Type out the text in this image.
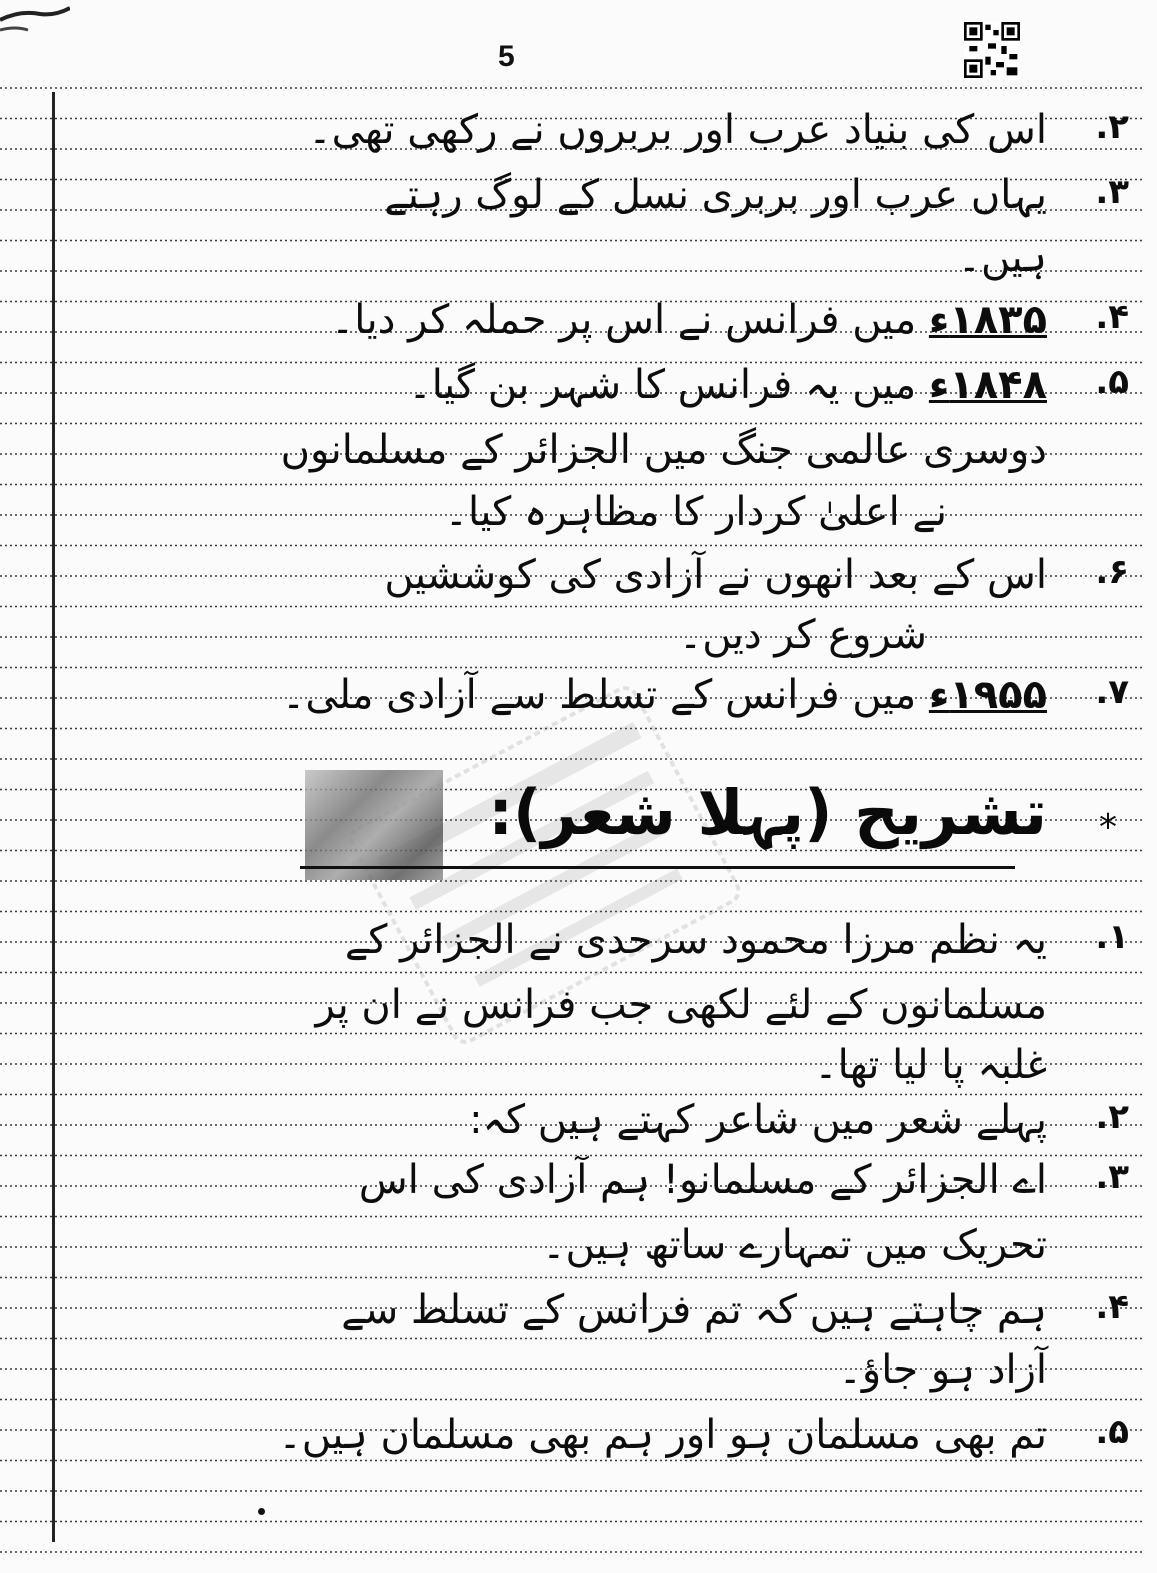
5
۲.
اس کی بنیاد عرب اور بربروں نے رکھی تھی۔
۳.
یہاں عرب اور بربری نسل کے لوگ رہتے
ہیں۔
۴.
۱۸۳۵ء میں فرانس نے اس پر حملہ کر دیا۔
۵.
۱۸۴۸ء میں یہ فرانس کا شہر بن گیا۔
دوسری عالمی جنگ میں الجزائر کے مسلمانوں
نے اعلیٰ کردار کا مظاہرہ کیا۔
۶.
اس کے بعد انھوں نے آزادی کی کوششیں
شروع کر دیں۔
۷.
۱۹۵۵ء میں فرانس کے تسلط سے آزادی ملی۔
*
تشریح (پہلا شعر):
۱.
یہ نظم مرزا محمود سرحدی نے الجزائر کے
مسلمانوں کے لئے لکھی جب فرانس نے ان پر
غلبہ پا لیا تھا۔
۲.
پہلے شعر میں شاعر کہتے ہیں کہ:
۳.
اے الجزائر کے مسلمانو! ہم آزادی کی اس
تحریک میں تمہارے ساتھ ہیں۔
۴.
ہم چاہتے ہیں کہ تم فرانس کے تسلط سے
آزاد ہو جاؤ۔
۵.
تم بھی مسلمان ہو اور ہم بھی مسلمان ہیں۔
